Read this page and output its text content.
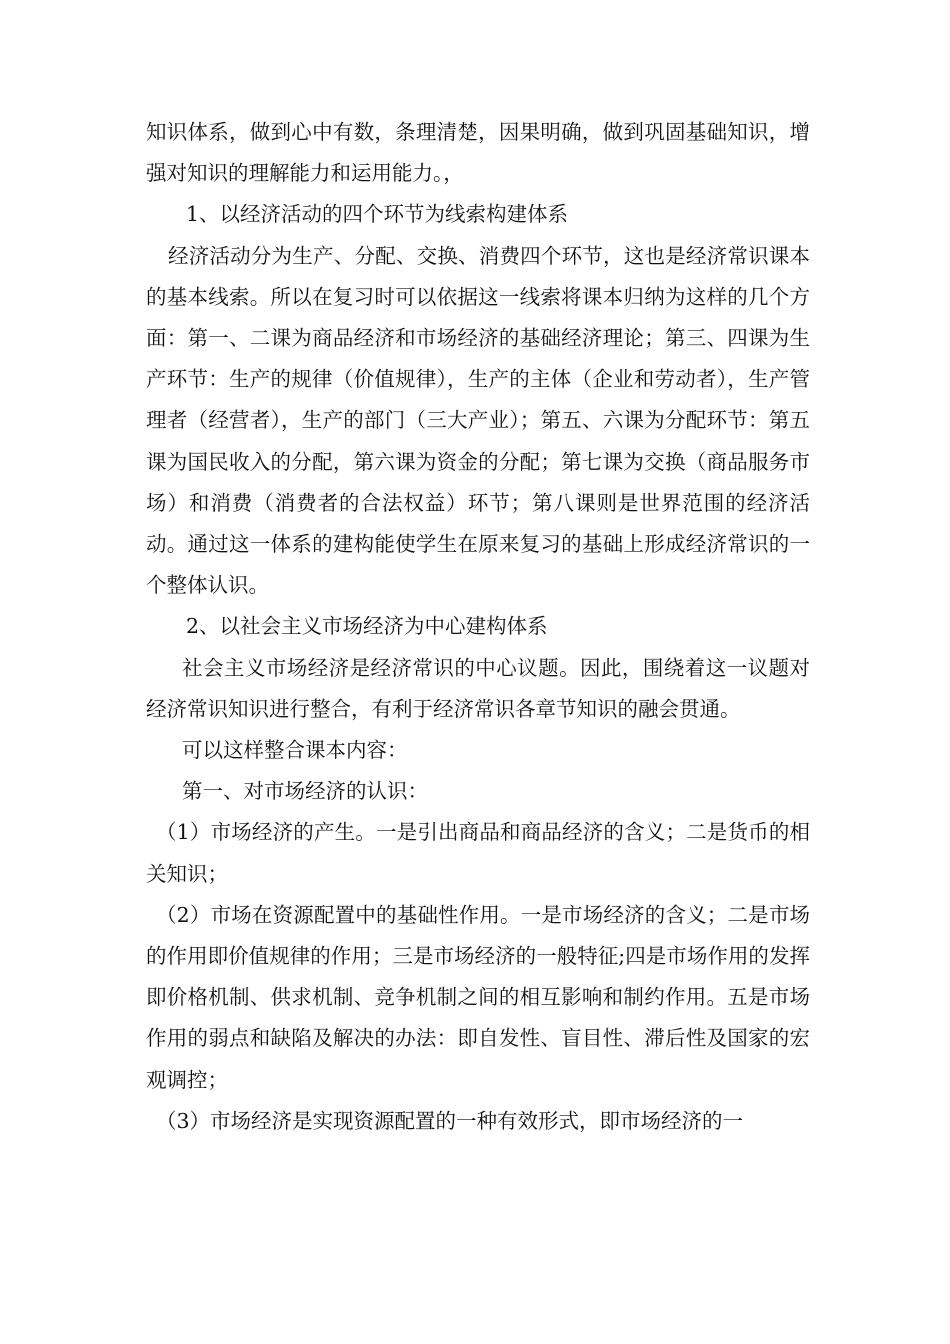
知识体系，做到心中有数，条理清楚，因果明确，做到巩固基础知识，增强对知识的理解能力和运用能力。，

1、以经济活动的四个环节为线索构建体系

经济活动分为生产、分配、交换、消费四个环节，这也是经济常识课本的基本线索。所以在复习时可以依据这一线索将课本归纳为这样的几个方面：第一、二课为商品经济和市场经济的基础经济理论；第三、四课为生产环节：生产的规律（价值规律），生产的主体（企业和劳动者），生产管理者（经营者），生产的部门（三大产业）；第五、六课为分配环节：第五课为国民收入的分配，第六课为资金的分配；第七课为交换（商品服务市场）和消费（消费者的合法权益）环节；第八课则是世界范围的经济活动。通过这一体系的建构能使学生在原来复习的基础上形成经济常识的一个整体认识。

2、以社会主义市场经济为中心建构体系

社会主义市场经济是经济常识的中心议题。因此，围绕着这一议题对经济常识知识进行整合，有利于经济常识各章节知识的融会贯通。

可以这样整合课本内容：

第一、对市场经济的认识：

（1）市场经济的产生。一是引出商品和商品经济的含义；二是货币的相关知识；

（2）市场在资源配置中的基础性作用。一是市场经济的含义；二是市场的作用即价值规律的作用；三是市场经济的一般特征;四是市场作用的发挥即价格机制、供求机制、竞争机制之间的相互影响和制约作用。五是市场作用的弱点和缺陷及解决的办法：即自发性、盲目性、滞后性及国家的宏观调控；

（3）市场经济是实现资源配置的一种有效形式，即市场经济的一
